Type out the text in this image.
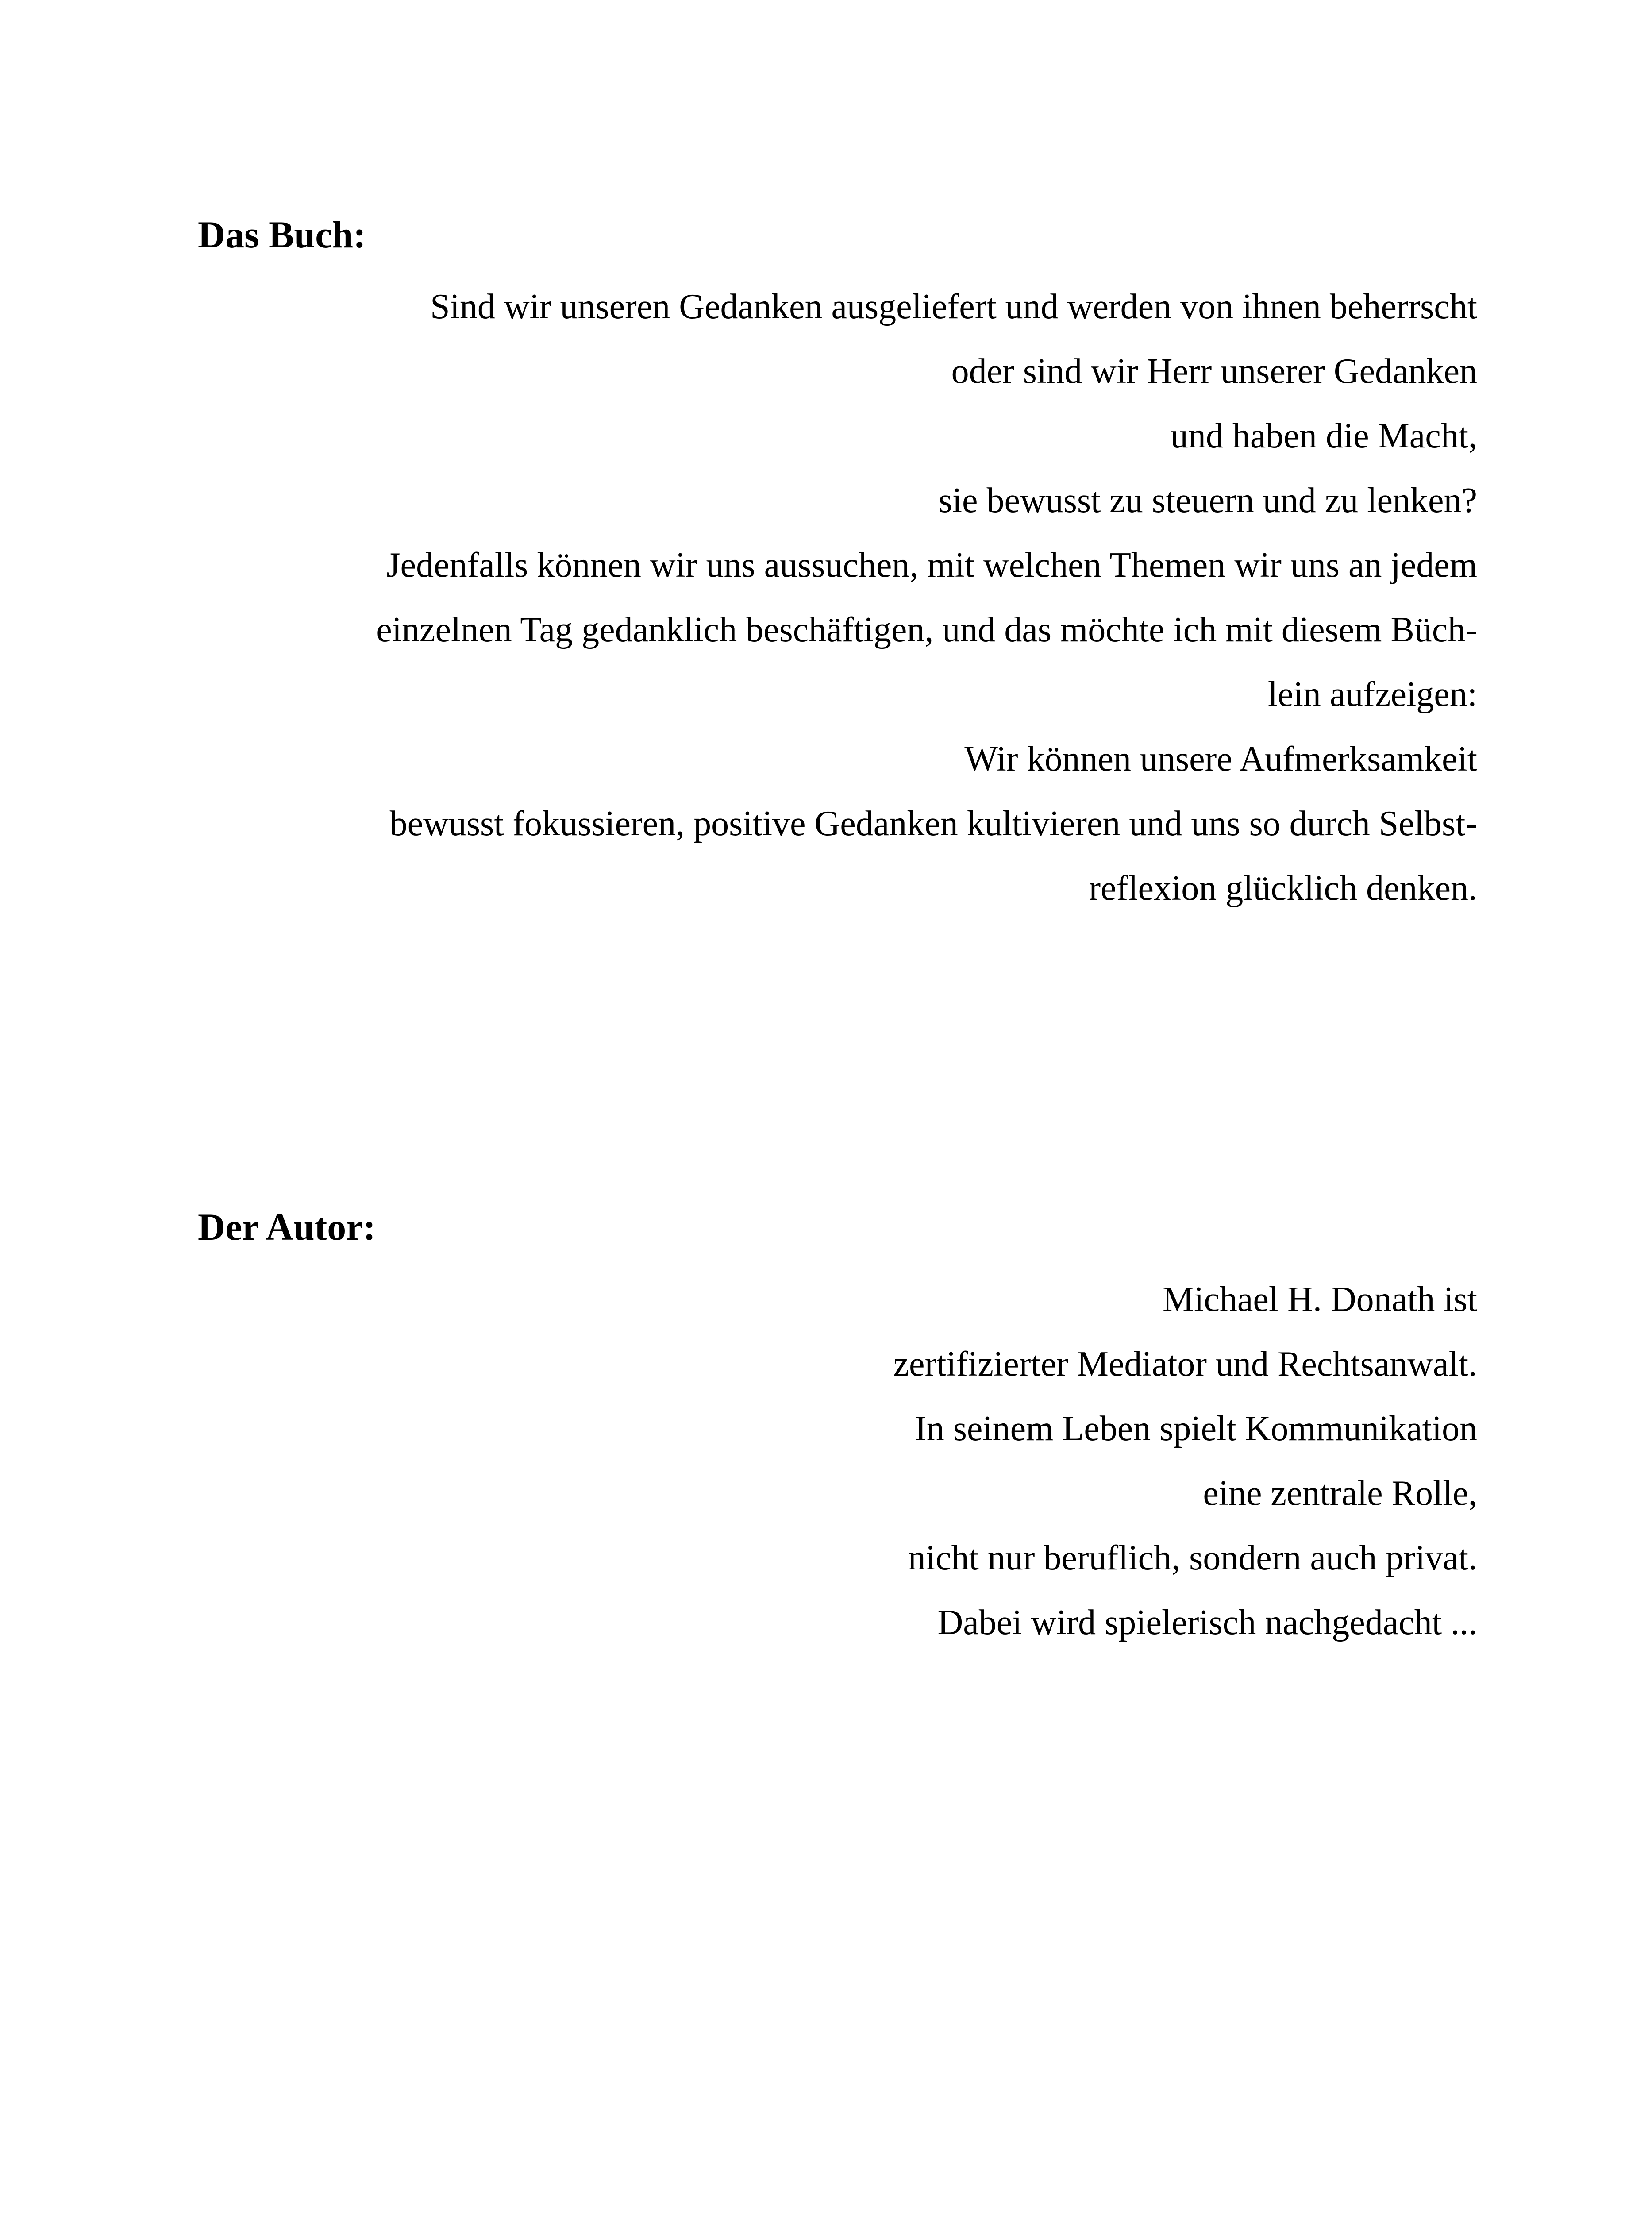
Das Buch:
Sind wir unseren Gedanken ausgeliefert und werden von ihnen beherrscht
oder sind wir Herr unserer Gedanken
und haben die Macht,
sie bewusst zu steuern und zu lenken?
Jedenfalls können wir uns aussuchen, mit welchen Themen wir uns an jedem
einzelnen Tag gedanklich beschäftigen, und das möchte ich mit diesem Büch-
lein aufzeigen:
Wir können unsere Aufmerksamkeit
bewusst fokussieren, positive Gedanken kultivieren und uns so durch Selbst-
reflexion glücklich denken.
Der Autor:
Michael H. Donath ist
zertifizierter Mediator und Rechtsanwalt.
In seinem Leben spielt Kommunikation
eine zentrale Rolle,
nicht nur beruflich, sondern auch privat.
Dabei wird spielerisch nachgedacht ...
